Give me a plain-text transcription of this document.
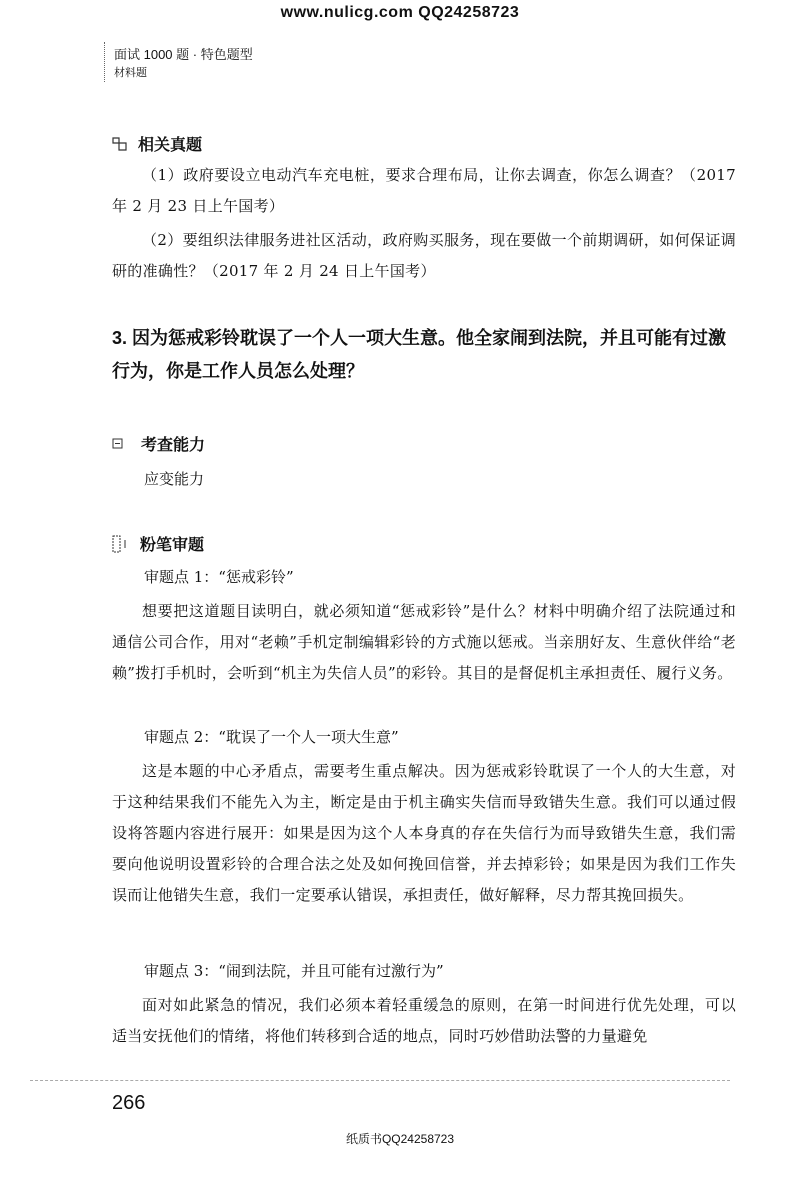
www.nulicg.com QQ24258723
面试 1000 题 · 特色题型
材料题
相关真题

（1）政府要设立电动汽车充电桩，要求合理布局，让你去调查，你怎么调查？（2017 年 2 月 23 日上午国考）

（2）要组织法律服务进社区活动，政府购买服务，现在要做一个前期调研，如何保证调研的准确性？（2017 年 2 月 24 日上午国考）

3. 因为惩戒彩铃耽误了一个人一项大生意。他全家闹到法院，并且可能有过激行为，你是工作人员怎么处理？
考查能力
应变能力
粉笔审题
审题点 1：“惩戒彩铃”

想要把这道题目读明白，就必须知道“惩戒彩铃”是什么？材料中明确介绍了法院通过和通信公司合作，用对“老赖”手机定制编辑彩铃的方式施以惩戒。当亲朋好友、生意伙伴给“老赖”拨打手机时，会听到“机主为失信人员”的彩铃。其目的是督促机主承担责任、履行义务。

审题点 2：“耽误了一个人一项大生意”

这是本题的中心矛盾点，需要考生重点解决。因为惩戒彩铃耽误了一个人的大生意，对于这种结果我们不能先入为主，断定是由于机主确实失信而导致错失生意。我们可以通过假设将答题内容进行展开：如果是因为这个人本身真的存在失信行为而导致错失生意，我们需要向他说明设置彩铃的合理合法之处及如何挽回信誉，并去掉彩铃；如果是因为我们工作失误而让他错失生意，我们一定要承认错误，承担责任，做好解释，尽力帮其挽回损失。

审题点 3：“闹到法院，并且可能有过激行为”

面对如此紧急的情况，我们必须本着轻重缓急的原则，在第一时间进行优先处理，可以适当安抚他们的情绪，将他们转移到合适的地点，同时巧妙借助法警的力量避免

266
纸质书QQ24258723
